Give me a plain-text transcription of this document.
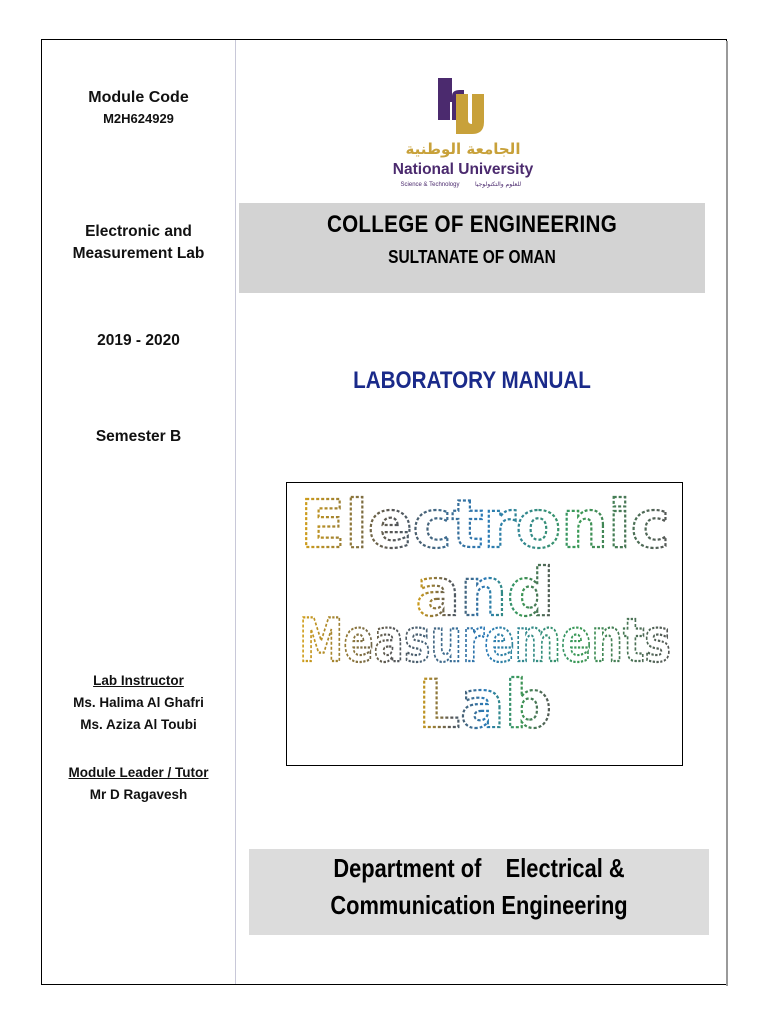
Module Code
M2H624929
Electronic and
Measurement Lab
2019 - 2020
Semester B
Lab Instructor
Ms. Halima Al Ghafri
Ms. Aziza Al Toubi
Module Leader / Tutor
Mr D Ragavesh
الجامعة الوطنية
National University
Science & Technology	للعلوم والتكنولوجيا
COLLEGE OF ENGINEERING
SULTANATE OF OMAN
LABORATORY MANUAL
Electronic
and
Measurements
Lab
Department of    Electrical &
Communication Engineering
